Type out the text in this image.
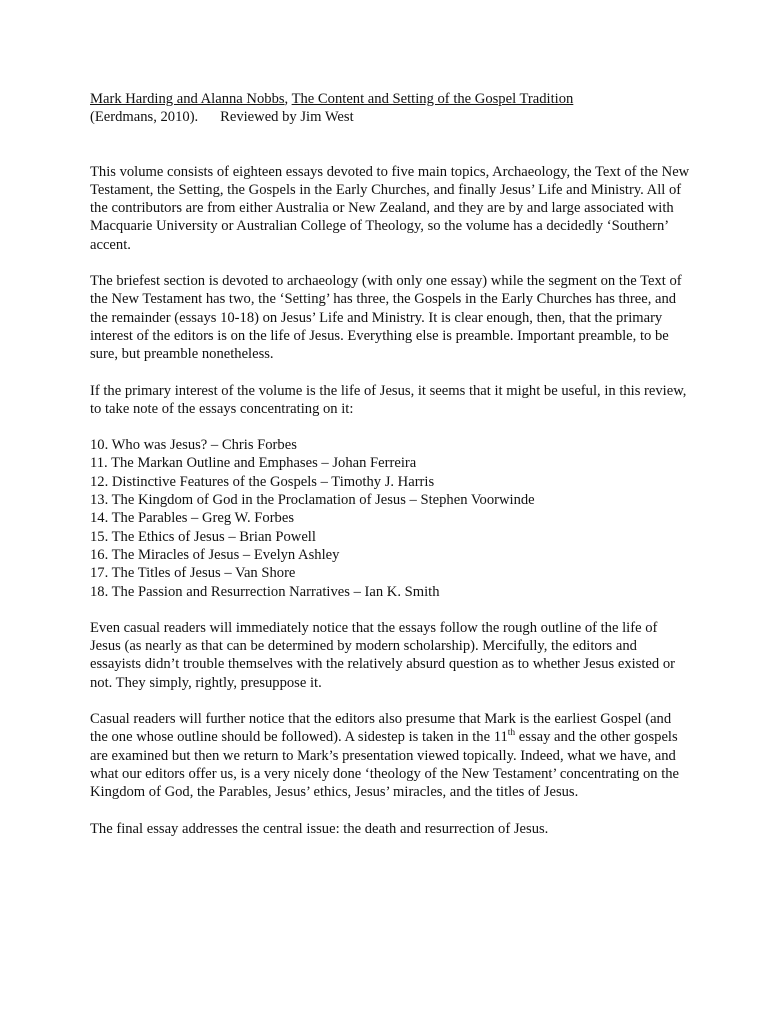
Mark Harding and Alanna Nobbs, The Content and Setting of the Gospel Tradition
(Eerdmans, 2010). Reviewed by Jim West

This volume consists of eighteen essays devoted to five main topics, Archaeology, the Text of the New Testament, the Setting, the Gospels in the Early Churches, and finally Jesus’ Life and Ministry. All of the contributors are from either Australia or New Zealand, and they are by and large associated with Macquarie University or Australian College of Theology, so the volume has a decidedly ‘Southern’ accent.

The briefest section is devoted to archaeology (with only one essay) while the segment on the Text of the New Testament has two, the ‘Setting’ has three, the Gospels in the Early Churches has three, and the remainder (essays 10-18) on Jesus’ Life and Ministry. It is clear enough, then, that the primary interest of the editors is on the life of Jesus. Everything else is preamble. Important preamble, to be sure, but preamble nonetheless.

If the primary interest of the volume is the life of Jesus, it seems that it might be useful, in this review, to take note of the essays concentrating on it:

10. Who was Jesus? – Chris Forbes
11. The Markan Outline and Emphases – Johan Ferreira
12. Distinctive Features of the Gospels – Timothy J. Harris
13. The Kingdom of God in the Proclamation of Jesus – Stephen Voorwinde
14. The Parables – Greg W. Forbes
15. The Ethics of Jesus – Brian Powell
16. The Miracles of Jesus – Evelyn Ashley
17. The Titles of Jesus – Van Shore
18. The Passion and Resurrection Narratives – Ian K. Smith

Even casual readers will immediately notice that the essays follow the rough outline of the life of Jesus (as nearly as that can be determined by modern scholarship). Mercifully, the editors and essayists didn’t trouble themselves with the relatively absurd question as to whether Jesus existed or not. They simply, rightly, presuppose it.

Casual readers will further notice that the editors also presume that Mark is the earliest Gospel (and the one whose outline should be followed). A sidestep is taken in the 11th essay and the other gospels are examined but then we return to Mark’s presentation viewed topically. Indeed, what we have, and what our editors offer us, is a very nicely done ‘theology of the New Testament’ concentrating on the Kingdom of God, the Parables, Jesus’ ethics, Jesus’ miracles, and the titles of Jesus.

The final essay addresses the central issue: the death and resurrection of Jesus.
